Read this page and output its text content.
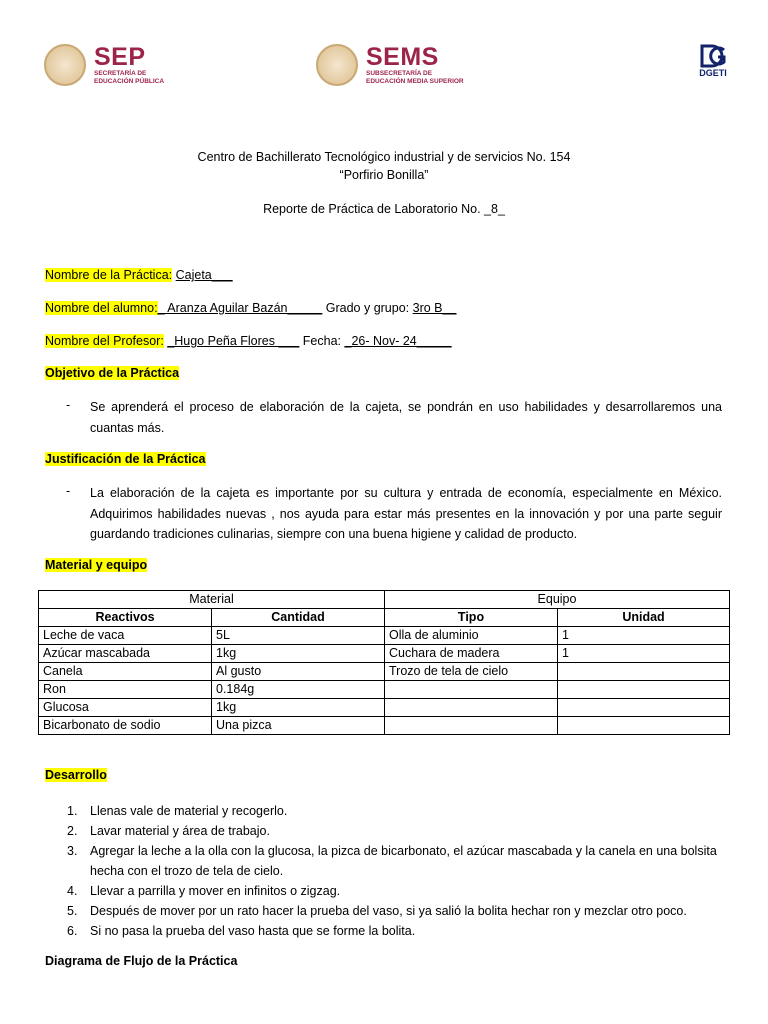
SEP
SECRETARÍA DE
EDUCACIÓN PÚBLICA
SEMS
SUBSECRETARÍA DE
EDUCACIÓN MEDIA SUPERIOR
DGETI
Centro de Bachillerato Tecnológico industrial y de servicios No. 154
“Porfirio Bonilla”
Reporte de Práctica de Laboratorio No. _8_
Nombre de la Práctica: Cajeta___
Nombre del alumno:_ Aranza Aguilar Bazán_____ Grado y grupo: 3ro B__
Nombre del Profesor: _Hugo Peña Flores ___ Fecha: _26- Nov- 24_____
Objetivo de la Práctica
- Se aprenderá el proceso de elaboración de la cajeta, se pondrán en uso habilidades y desarrollaremos una cuantas más.
Justificación de la Práctica
- La elaboración de la cajeta es importante por su cultura y entrada de economía, especialmente en México. Adquirimos habilidades nuevas , nos ayuda para estar más presentes en la innovación y por una parte seguir guardando tradiciones culinarias, siempre con una buena higiene y calidad de producto.
Material y equipo
Material		Equipo	
Reactivos	Cantidad	Tipo	Unidad
Leche de vaca	5L	Olla de aluminio	1
Azúcar mascabada	1kg	Cuchara de madera	1
Canela	Al gusto	Trozo de tela de cielo	
Ron	0.184g		
Glucosa	1kg		
Bicarbonato de sodio	Una pizca		
Desarrollo
1. Llenas vale de material y recogerlo.
2. Lavar material y área de trabajo.
3. Agregar la leche a la olla con la glucosa, la pizca de bicarbonato, el azúcar mascabada y la canela en una bolsita hecha con el trozo de tela de cielo.
4. Llevar a parrilla y mover en infinitos o zigzag.
5. Después de mover por un rato hacer la prueba del vaso, si ya salió la bolita hechar ron y mezclar otro poco.
6. Si no pasa la prueba del vaso hasta que se forme la bolita.
Diagrama de Flujo de la Práctica
